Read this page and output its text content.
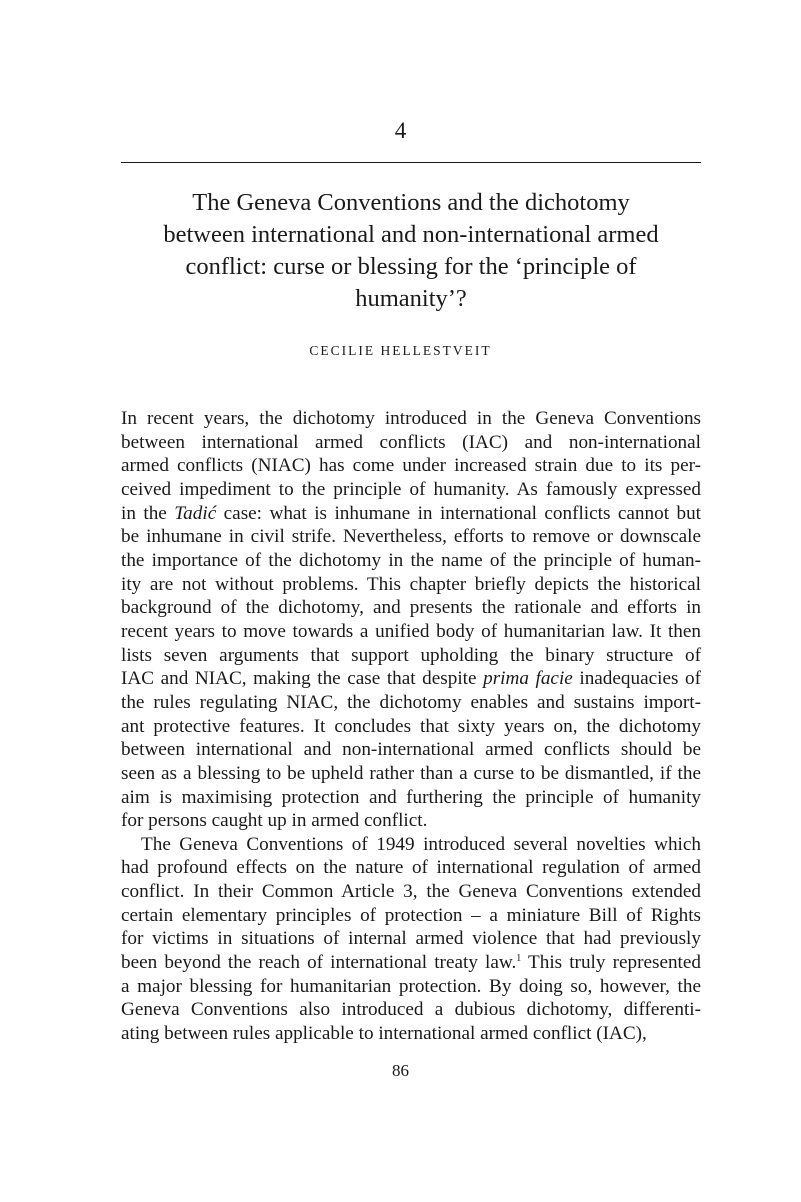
4
The Geneva Conventions and the dichotomy
between international and non-international armed
conflict: curse or blessing for the ‘principle of
humanity’?
CECILIE HELLESTVEIT

In recent years, the dichotomy introduced in the Geneva Conventions
between international armed conflicts (IAC) and non-international
armed conflicts (NIAC) has come under increased strain due to its per-
ceived impediment to the principle of humanity. As famously expressed
in the Tadić case: what is inhumane in international conflicts cannot but
be inhumane in civil strife. Nevertheless, efforts to remove or downscale
the importance of the dichotomy in the name of the principle of human-
ity are not without problems. This chapter briefly depicts the historical
background of the dichotomy, and presents the rationale and efforts in
recent years to move towards a unified body of humanitarian law. It then
lists seven arguments that support upholding the binary structure of
IAC and NIAC, making the case that despite prima facie inadequacies of
the rules regulating NIAC, the dichotomy enables and sustains import-
ant protective features. It concludes that sixty years on, the dichotomy
between international and non-international armed conflicts should be
seen as a blessing to be upheld rather than a curse to be dismantled, if the
aim is maximising protection and furthering the principle of humanity
for persons caught up in armed conflict.

The Geneva Conventions of 1949 introduced several novelties which
had profound effects on the nature of international regulation of armed
conflict. In their Common Article 3, the Geneva Conventions extended
certain elementary principles of protection – a miniature Bill of Rights
for victims in situations of internal armed violence that had previously
been beyond the reach of international treaty law.$^1$ This truly represented
a major blessing for humanitarian protection. By doing so, however, the
Geneva Conventions also introduced a dubious dichotomy, differenti-
ating between rules applicable to international armed conflict (IAC),

86
